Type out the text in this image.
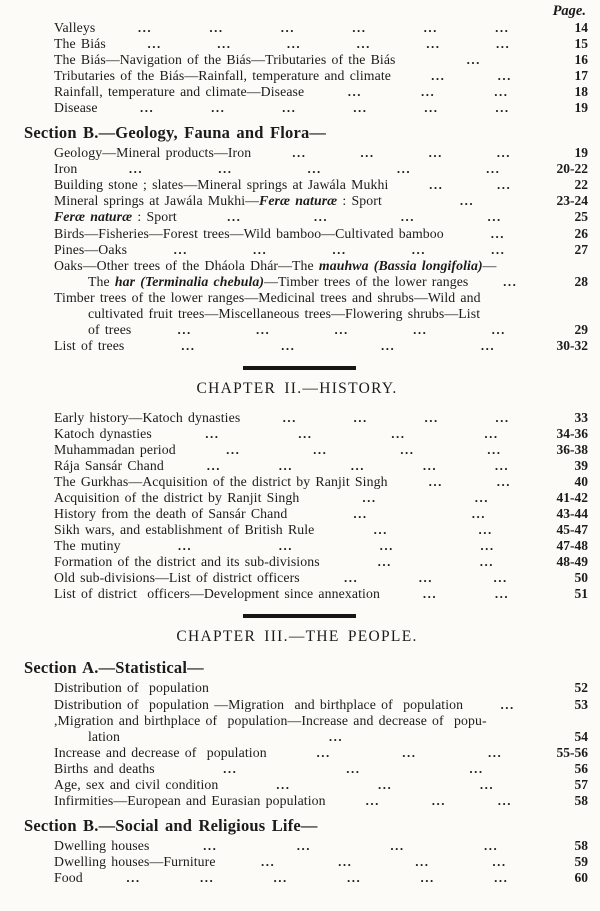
Page.
Valleys	...	...	...	...	...	...	14
The Biás	...	...	...	...	...	...	15
The Biás—Navigation of the Biás—Tributaries of the Biás	...	16
Tributaries of the Biás—Rainfall, temperature and climate	...	...	17
Rainfall, temperature and climate—Disease	...	...	...	18
Disease	...	...	...	...	...	...	19
Section B.—Geology, Fauna and Flora—
Geology—Mineral products—Iron	...	...	...	...	19
Iron	...	...	...	...	...	20-22
Building stone ; slates—Mineral springs at Jawála Mukhi	...	...	22
Mineral springs at Jawála Mukhi—Feræ naturæ : Sport	...	23-24
Feræ naturæ : Sport	...	...	...	...	25
Birds—Fisheries—Forest trees—Wild bamboo—Cultivated bamboo	...	26
Pines—Oaks	...	...	...	...	...	27
Oaks—Other trees of the Dháola Dhár—The mauhwa (Bassia longifolia)—
The har (Terminalia chebula)—Timber trees of the lower ranges	...	28
Timber trees of the lower ranges—Medicinal trees and shrubs—Wild and
cultivated fruit trees—Miscellaneous trees—Flowering shrubs—List
of trees	...	...	...	...	...	29
List of trees	...	...	...	...	30-32
CHAPTER II.—HISTORY.
Early history—Katoch dynasties	...	...	...	...	33
Katoch dynasties	...	...	...	...	34-36
Muhammadan period	...	...	...	...	36-38
Rája Sansár Chand	...	...	...	...	...	39
The Gurkhas—Acquisition of the district by Ranjit Singh	...	...	40
Acquisition of the district by Ranjit Singh	...	...	41-42
History from the death of Sansár Chand	...	...	43-44
Sikh wars, and establishment of British Rule	...	...	45-47
The mutiny	...	...	...	...	47-48
Formation of the district and its sub-divisions	...	...	48-49
Old sub-divisions—List of district officers	...	...	...	50
List of district  officers—Development since annexation	...	...	51
CHAPTER III.—THE PEOPLE.
Section A.—Statistical—
Distribution of  population	52
Distribution of  population —Migration  and birthplace of  population	...	53
,Migration and birthplace of  population—Increase and decrease of  popu-
lation	...	54
Increase and decrease of  population	...	...	...	55-56
Births and deaths	...	...	...	56
Age, sex and civil condition	...	...	...	57
Infirmities—European and Eurasian population	...	...	...	58
Section B.—Social and Religious Life—
Dwelling houses	...	...	...	...	58
Dwelling houses—Furniture	...	...	...	...	59
Food	...	...	...	...	...	...	60
